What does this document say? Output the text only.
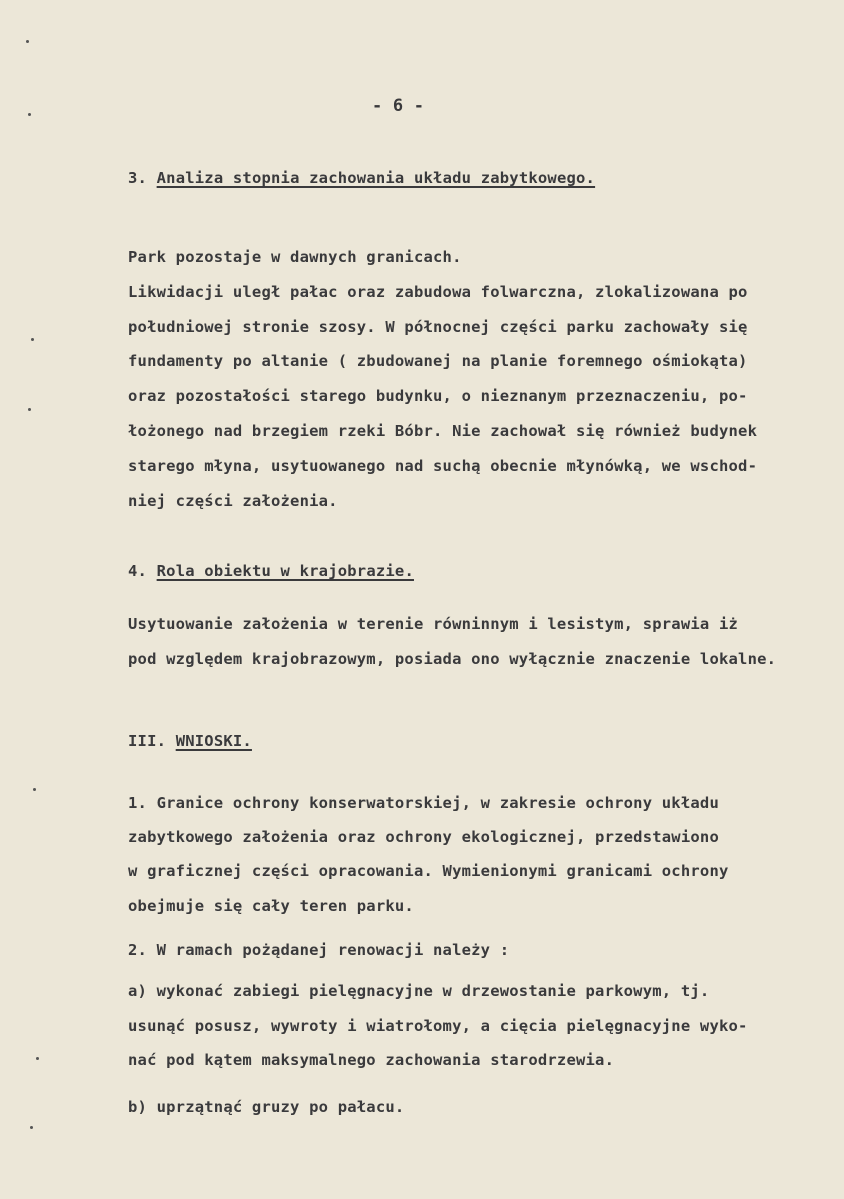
- 6 -
3. Analiza stopnia zachowania układu zabytkowego.
Park pozostaje w dawnych granicach.
Likwidacji uległ pałac oraz zabudowa folwarczna, zlokalizowana po
południowej stronie szosy. W północnej części parku zachowały się
fundamenty po altanie ( zbudowanej na planie foremnego ośmiokąta)
oraz pozostałości starego budynku, o nieznanym przeznaczeniu, po-
łożonego nad brzegiem rzeki Bóbr. Nie zachował się również budynek
starego młyna, usytuowanego nad suchą obecnie młynówką, we wschod-
niej części założenia.
4. Rola obiektu w krajobrazie.
Usytuowanie założenia w terenie równinnym i lesistym, sprawia iż
pod względem krajobrazowym, posiada ono wyłącznie znaczenie lokalne.
III. WNIOSKI.
1. Granice ochrony konserwatorskiej, w zakresie ochrony układu
zabytkowego założenia oraz ochrony ekologicznej, przedstawiono
w graficznej części opracowania. Wymienionymi granicami ochrony
obejmuje się cały teren parku.
2. W ramach pożądanej renowacji należy :
a) wykonać zabiegi pielęgnacyjne w drzewostanie parkowym, tj.
usunąć posusz, wywroty i wiatrołomy, a cięcia pielęgnacyjne wyko-
nać pod kątem maksymalnego zachowania starodrzewia.
b) uprzątnąć gruzy po pałacu.
